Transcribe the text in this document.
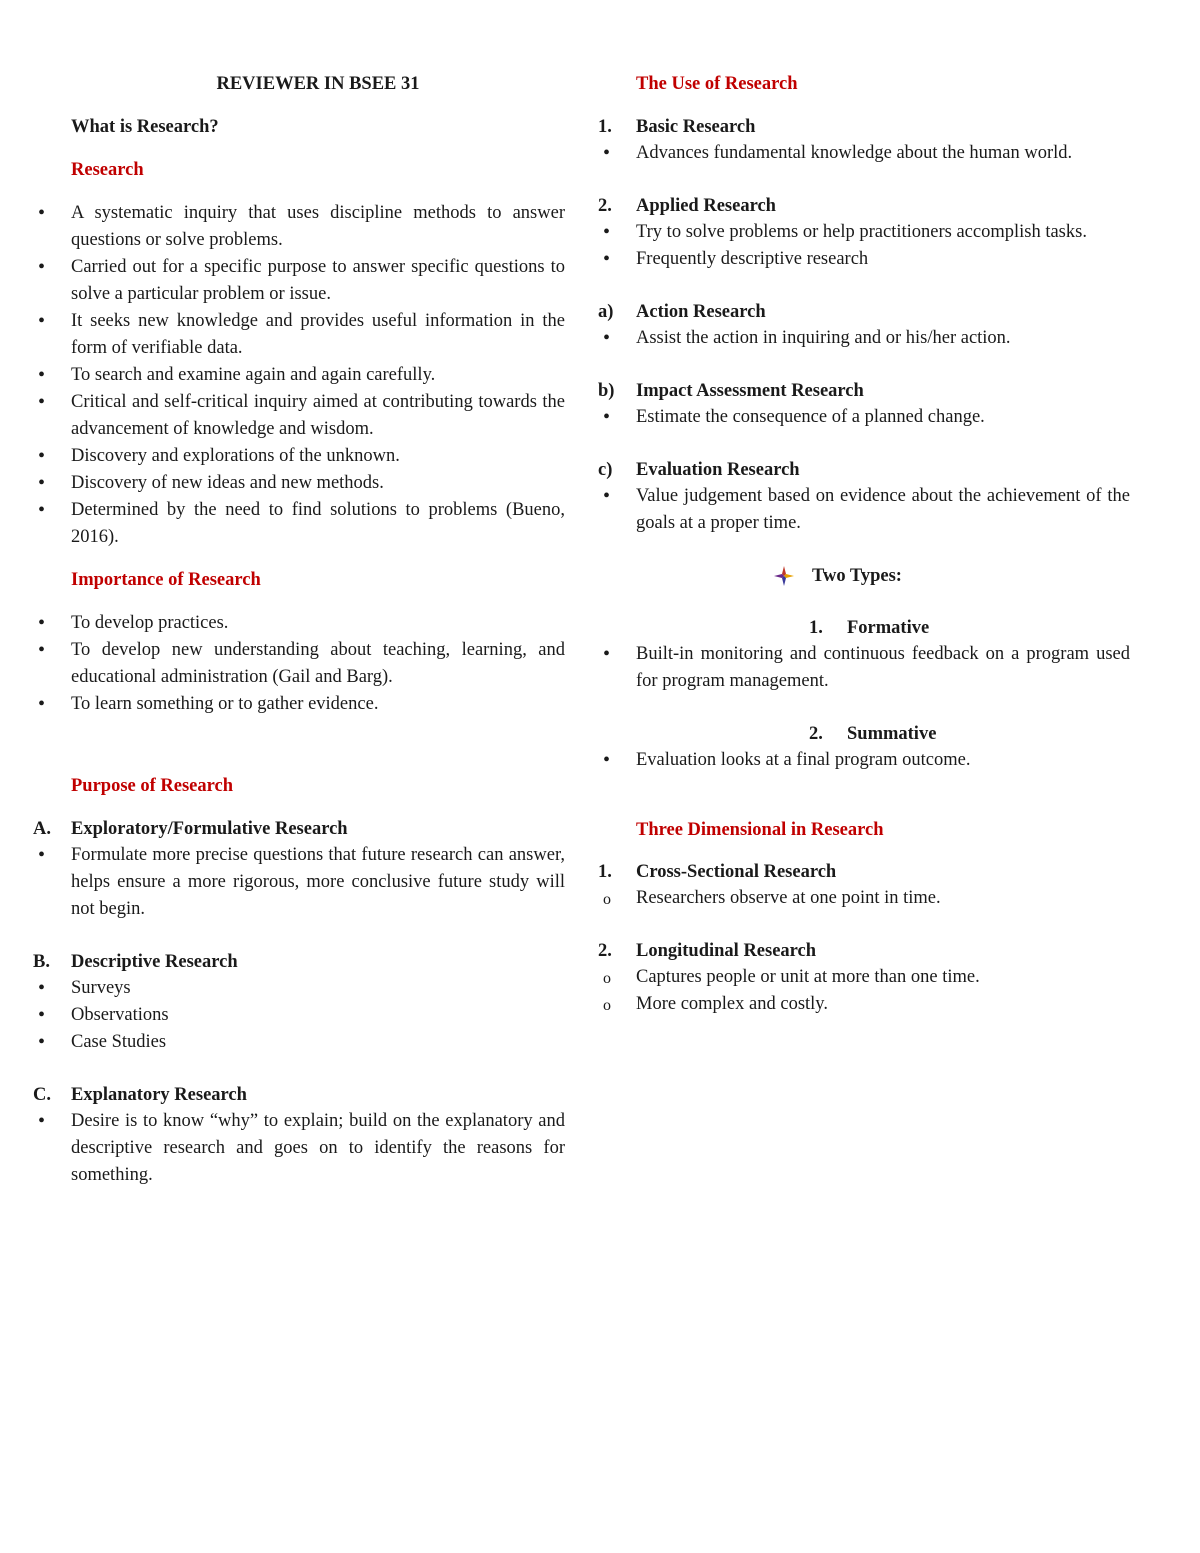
REVIEWER IN BSEE 31

What is Research?

Research

• A systematic inquiry that uses discipline methods to answer questions or solve problems.
• Carried out for a specific purpose to answer specific questions to solve a particular problem or issue.
• It seeks new knowledge and provides useful information in the form of verifiable data.
• To search and examine again and again carefully.
• Critical and self-critical inquiry aimed at contributing towards the advancement of knowledge and wisdom.
• Discovery and explorations of the unknown.
• Discovery of new ideas and new methods.
• Determined by the need to find solutions to problems (Bueno, 2016).

Importance of Research

• To develop practices.
• To develop new understanding about teaching, learning, and educational administration (Gail and Barg).
• To learn something or to gather evidence.

Purpose of Research

A. Exploratory/Formulative Research

• Formulate more precise questions that future research can answer, helps ensure a more rigorous, more conclusive future study will not begin.

B. Descriptive Research

• Surveys
• Observations
• Case Studies

C. Explanatory Research

• Desire is to know “why” to explain; build on the explanatory and descriptive research and goes on to identify the reasons for something.

The Use of Research

1. Basic Research

• Advances fundamental knowledge about the human world.

2. Applied Research

• Try to solve problems or help practitioners accomplish tasks.
• Frequently descriptive research

a) Action Research

• Assist the action in inquiring and or his/her action.

b) Impact Assessment Research

• Estimate the consequence of a planned change.

c) Evaluation Research

• Value judgement based on evidence about the achievement of the goals at a proper time.

Two Types:

1. Formative

• Built-in monitoring and continuous feedback on a program used for program management.

2. Summative

• Evaluation looks at a final program outcome.

Three Dimensional in Research

1. Cross-Sectional Research

o Researchers observe at one point in time.

2. Longitudinal Research

o Captures people or unit at more than one time.
o More complex and costly.
